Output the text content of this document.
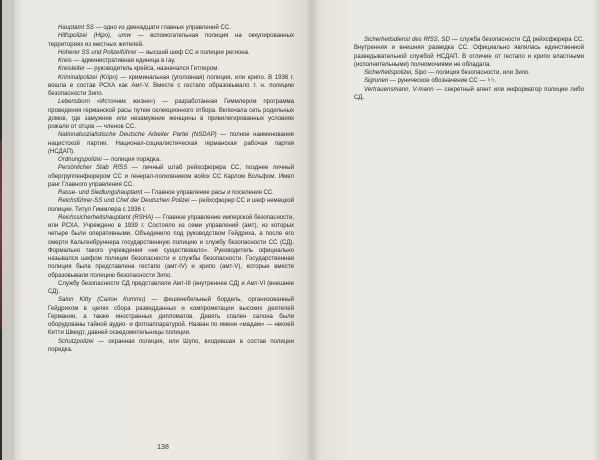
Hauptamt SS — одно из двенадцати главных управлений СС.

Hilfspolizei (Hipo), umw — вспомогательная полиция на оккупированных территориях из местных жителей.

Hoherer SS und Polizeiführer — высший шеф СС и полиции региона.

Kreis — административная единица в гау.

Kreisleiter — руководитель крейса, назначался Гитлером.

Kriminalpolizei (Kripo) — криминальная (уголовная) полиция, или крипо. В 1936 г. вошла в состав РСХА как Амт-V. Вместе с гестапо образовывало т. н. полицию безопасности Зипо.

Lebensborn «Источник жизни») — разработанная Гиммлером программа проведения германской расы путем селекционного отбора. Включала сеть родильных домов, где замужние или незамужние женщины в привилегированных условиях рожали от отцов — членов СС.

Nationalsozialistische Deutsche Arbeiter Partei (NSDAP) — полное наименование нацистской партии. Национал-социалистическая германская рабочая партия (НСДАП).

Ordnungspolizei — полиция порядка.

Persönlicher Stab RfSS — личный штаб рейхсфюрера СС, позднее личный обергруппенфюрером СС и генерал-полковником войск СС Карлом Вольфом. Имел ранг Главного управления СС.

Rasse- und Siedlungshauptamt — Главное управление расы и поселения СС.

Reichsführer-SS und Chef der Deutschen Polizei — рейхсфюрер СС и шеф немецкой полиции. Титул Гиммлера с 1936 г.

Reichssicherheitshauptamt (RSHA) — Главное управление имперской безопасности, или РСХА. Учреждено в 1939 г. Состояло из семи управлений (амт), из которых четыре были оперативными. Объединило под руководством Гейдриха, а после его смерти Кальтенбруннера государственную полицию и службу безопасности СС (СД). Формально такого учреждения «не существовало». Руководитель официально назывался шефом полиции безопасности и службы безопасности. Государственная полиция была представлена гестапо (амт-IV) и крипо (амт-V), которые вместе образовывали полицию безопасности Зипо.

Службу безопасности СД представляли Амт-III (внутреннее СД) и Амт-VI (внешнее СД).

Salon Kitty (Салон Китти) — фешенебельный бордель, организованный Гейдрихом в целях сбора разведданных и компрометации высоких деятелей Германии, а также иностранных дипломатов. Девять спален салона были оборудованы тайной аудио- и фотоаппаратурой. Назван по имени «мадам» — некоей Китти Шмидт, давней осведомительницы полиции.

Schutzpolizei — охранная полиция, или Шупо, входившая в состав полиции порядка.

138

Sicherheitsdienst des RfSS, SD — служба безопасности СД рейхсфюрера СС. Внутренняя и внешняя разведка СС. Официально являлась единственной разведывательной службой НСДАП. В отличие от гестапо и крипо властными (исполнительными) полномочиями не обладала.

Sicherheitspolizei, Sipo — полиция безопасности, или Зипо.

Sigrunen — руническое обозначение СС — ᛋᛋ.

Vertrauensmann, V-mann — секретный агент или информатор полиции либо СД.
